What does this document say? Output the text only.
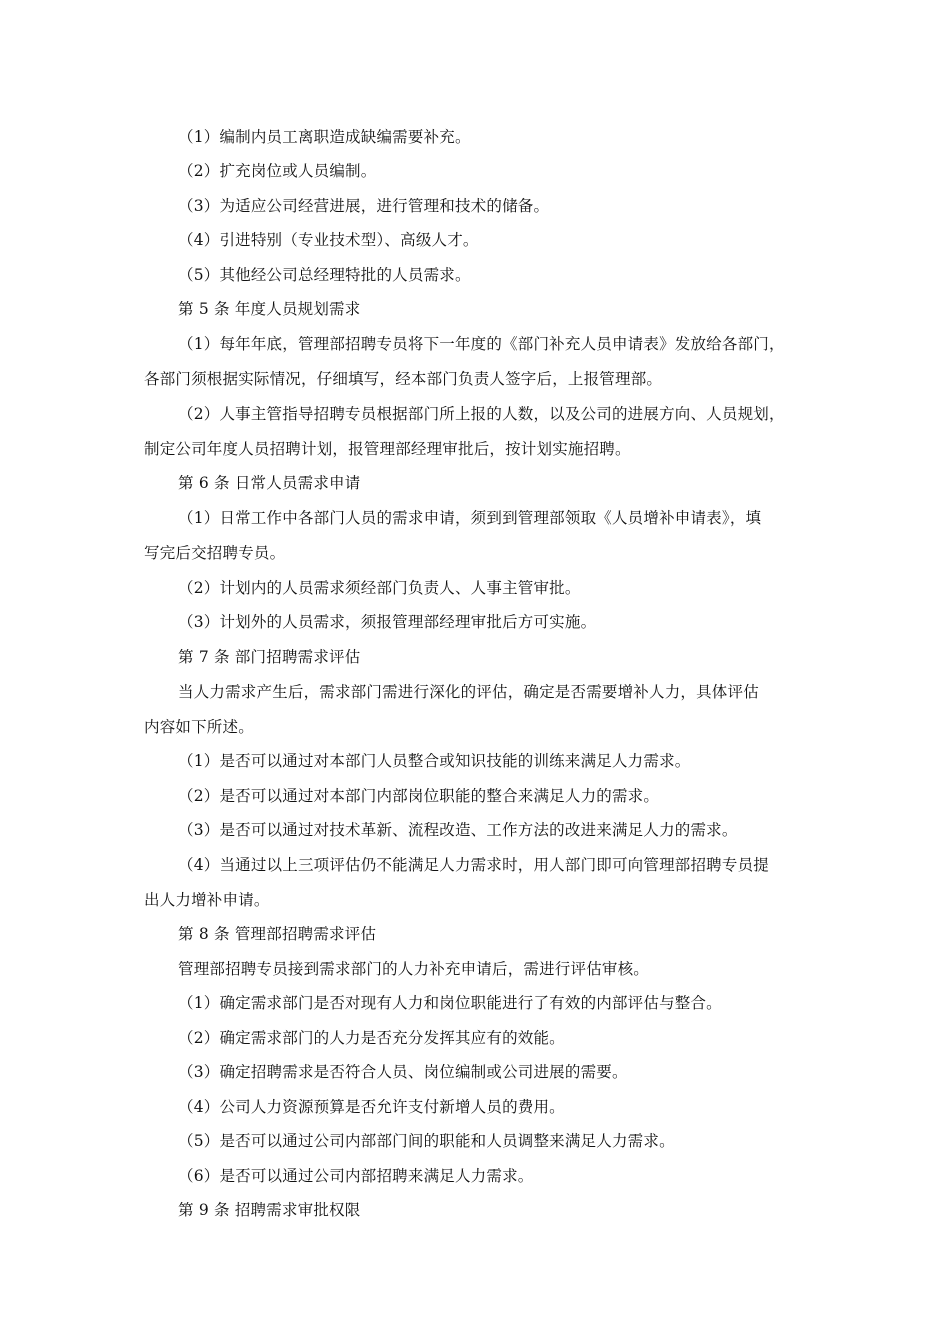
（1）编制内员工离职造成缺编需要补充。
（2）扩充岗位或人员编制。
（3）为适应公司经营进展，进行管理和技术的储备。
（4）引进特别（专业技术型）、高级人才。
（5）其他经公司总经理特批的人员需求。
第 5 条 年度人员规划需求
（1）每年年底，管理部招聘专员将下一年度的《部门补充人员申请表》发放给各部门，
各部门须根据实际情况，仔细填写，经本部门负责人签字后，上报管理部。
（2）人事主管指导招聘专员根据部门所上报的人数，以及公司的进展方向、人员规划，
制定公司年度人员招聘计划，报管理部经理审批后，按计划实施招聘。
第 6 条 日常人员需求申请
（1）日常工作中各部门人员的需求申请，须到到管理部领取《人员增补申请表》，填
写完后交招聘专员。
（2）计划内的人员需求须经部门负责人、人事主管审批。
（3）计划外的人员需求，须报管理部经理审批后方可实施。
第 7 条 部门招聘需求评估
当人力需求产生后，需求部门需进行深化的评估，确定是否需要增补人力，具体评估
内容如下所述。
（1）是否可以通过对本部门人员整合或知识技能的训练来满足人力需求。
（2）是否可以通过对本部门内部岗位职能的整合来满足人力的需求。
（3）是否可以通过对技术革新、流程改造、工作方法的改进来满足人力的需求。
（4）当通过以上三项评估仍不能满足人力需求时，用人部门即可向管理部招聘专员提
出人力增补申请。
第 8 条 管理部招聘需求评估
管理部招聘专员接到需求部门的人力补充申请后，需进行评估审核。
（1）确定需求部门是否对现有人力和岗位职能进行了有效的内部评估与整合。
（2）确定需求部门的人力是否充分发挥其应有的效能。
（3）确定招聘需求是否符合人员、岗位编制或公司进展的需要。
（4）公司人力资源预算是否允许支付新增人员的费用。
（5）是否可以通过公司内部部门间的职能和人员调整来满足人力需求。
（6）是否可以通过公司内部招聘来满足人力需求。
第 9 条 招聘需求审批权限
